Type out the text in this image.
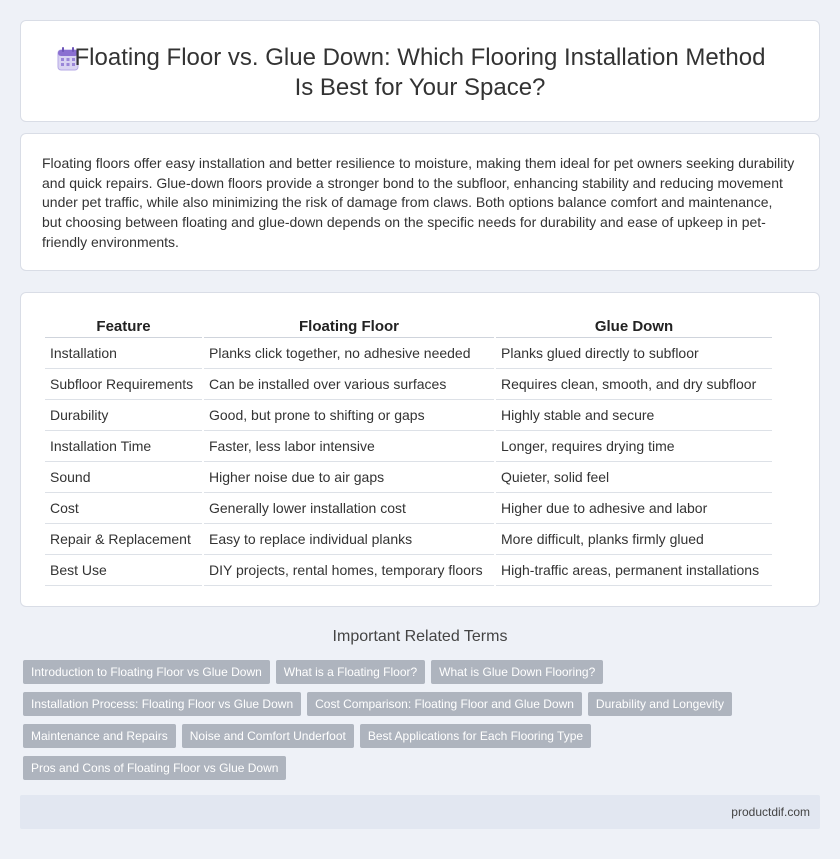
Floating Floor vs. Glue Down: Which Flooring Installation Method
Is Best for Your Space?

Floating floors offer easy installation and better resilience to moisture, making them ideal for pet owners seeking durability and quick repairs. Glue-down floors provide a stronger bond to the subfloor, enhancing stability and reducing movement under pet traffic, while also minimizing the risk of damage from claws. Both options balance comfort and maintenance, but choosing between floating and glue-down depends on the specific needs for durability and ease of upkeep in pet-friendly environments.

Feature	Floating Floor	Glue Down
Installation	Planks click together, no adhesive needed	Planks glued directly to subfloor
Subfloor Requirements	Can be installed over various surfaces	Requires clean, smooth, and dry subfloor
Durability	Good, but prone to shifting or gaps	Highly stable and secure
Installation Time	Faster, less labor intensive	Longer, requires drying time
Sound	Higher noise due to air gaps	Quieter, solid feel
Cost	Generally lower installation cost	Higher due to adhesive and labor
Repair & Replacement	Easy to replace individual planks	More difficult, planks firmly glued
Best Use	DIY projects, rental homes, temporary floors	High-traffic areas, permanent installations
Important Related Terms
Introduction to Floating Floor vs Glue Down	What is a Floating Floor?	What is Glue Down Flooring?
Installation Process: Floating Floor vs Glue Down	Cost Comparison: Floating Floor and Glue Down	Durability and Longevity
Maintenance and Repairs	Noise and Comfort Underfoot	Best Applications for Each Flooring Type
Pros and Cons of Floating Floor vs Glue Down
productdif.com
